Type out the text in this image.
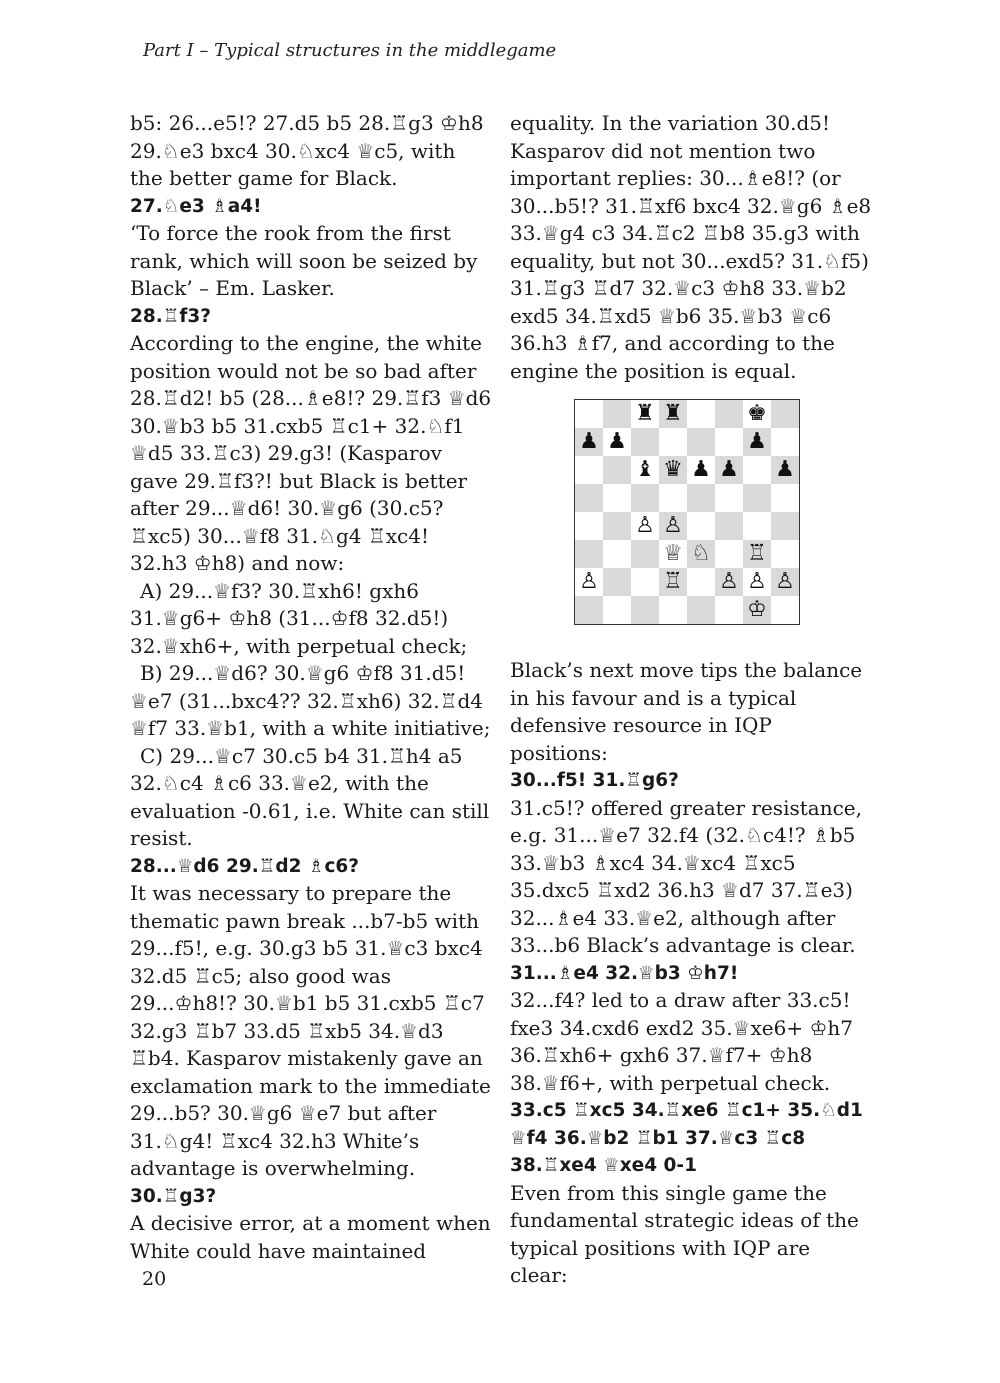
Part I – Typical structures in the middlegame

b5: 26...e5!? 27.d5 b5 28.♖g3 ♔h8 29.♘e3 bxc4 30.♘xc4 ♕c5, with the better game for Black.

27.♘e3 ♗a4!

‘To force the rook from the first rank, which will soon be seized by Black’ – Em. Lasker.

28.♖f3?

According to the engine, the white position would not be so bad after 28.♖d2! b5 (28...♗e8!? 29.♖f3 ♕d6 30.♕b3 b5 31.cxb5 ♖c1+ 32.♘f1 ♕d5 33.♖c3) 29.g3! (Kasparov gave 29.♖f3?! but Black is better after 29...♕d6! 30.♕g6 (30.c5? ♖xc5) 30...♕f8 31.♘g4 ♖xc4! 32.h3 ♔h8) and now:

A) 29...♕f3? 30.♖xh6! gxh6 31.♕g6+ ♔h8 (31...♔f8 32.d5!) 32.♕xh6+, with perpetual check;

B) 29...♕d6? 30.♕g6 ♔f8 31.d5! ♕e7 (31...bxc4?? 32.♖xh6) 32.♖d4 ♕f7 33.♕b1, with a white initiative;

C) 29...♕c7 30.c5 b4 31.♖h4 a5 32.♘c4 ♗c6 33.♕e2, with the evaluation -0.61, i.e. White can still resist.

28...♕d6 29.♖d2 ♗c6?

It was necessary to prepare the thematic pawn break ...b7-b5 with 29...f5!, e.g. 30.g3 b5 31.♕c3 bxc4 32.d5 ♖c5; also good was 29...♔h8!? 30.♕b1 b5 31.cxb5 ♖c7 32.g3 ♖b7 33.d5 ♖xb5 34.♕d3 ♖b4. Kasparov mistakenly gave an exclamation mark to the immediate 29...b5? 30.♕g6 ♕e7 but after 31.♘g4! ♖xc4 32.h3 White’s advantage is overwhelming.

30.♖g3?

A decisive error, at a moment when White could have maintained

equality. In the variation 30.d5! Kasparov did not mention two important replies: 30...♗e8!? (or 30...b5!? 31.♖xf6 bxc4 32.♕g6 ♗e8 33.♕g4 c3 34.♖c2 ♖b8 35.g3 with equality, but not 30...exd5? 31.♘f5) 31.♖g3 ♖d7 32.♕c3 ♔h8 33.♕b2 exd5 34.♖xd5 ♕b6 35.♕b3 ♕c6 36.h3 ♗f7, and according to the engine the position is equal.

♜ ♜	♚
♟ ♟	♟
♝ ♛ ♟ ♟ ♟
♙ ♙
♕ ♘ ♖
♙	♖ ♙ ♙ ♙
♔

Black’s next move tips the balance in his favour and is a typical defensive resource in IQP positions:

30...f5! 31.♖g6?

31.c5!? offered greater resistance, e.g. 31...♕e7 32.f4 (32.♘c4!? ♗b5 33.♕b3 ♗xc4 34.♕xc4 ♖xc5 35.dxc5 ♖xd2 36.h3 ♕d7 37.♖e3) 32...♗e4 33.♕e2, although after 33...b6 Black’s advantage is clear.

31...♗e4 32.♕b3 ♔h7!

32...f4? led to a draw after 33.c5! fxe3 34.cxd6 exd2 35.♕xe6+ ♔h7 36.♖xh6+ gxh6 37.♕f7+ ♔h8 38.♕f6+, with perpetual check.

33.c5 ♖xc5 34.♖xe6 ♖c1+ 35.♘d1 ♕f4 36.♕b2 ♖b1 37.♕c3 ♖c8 38.♖xe4 ♕xe4 0-1

Even from this single game the fundamental strategic ideas of the typical positions with IQP are clear:

20
